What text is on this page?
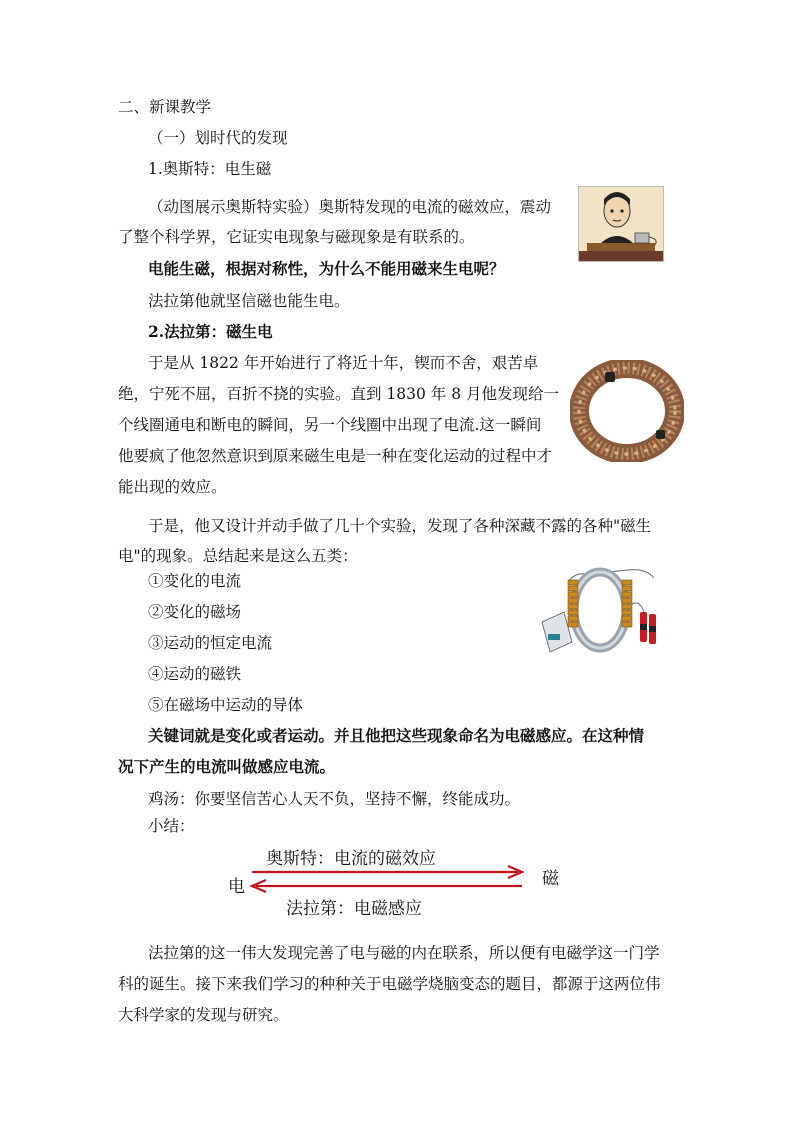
二、新课教学
（一）划时代的发现
1.奥斯特：电生磁
（动图展示奥斯特实验）奥斯特发现的电流的磁效应，震动
了整个科学界，它证实电现象与磁现象是有联系的。
电能生磁，根据对称性，为什么不能用磁来生电呢？
法拉第他就坚信磁也能生电。
2.法拉第：磁生电
于是从 1822 年开始进行了将近十年，锲而不舍，艰苦卓
绝，宁死不屈，百折不挠的实验。直到 1830 年 8 月他发现给一
个线圈通电和断电的瞬间，另一个线圈中出现了电流.这一瞬间
他要疯了他忽然意识到原来磁生电是一种在变化运动的过程中才
能出现的效应。
于是，他又设计并动手做了几十个实验，发现了各种深藏不露的各种"磁生
电"的现象。总结起来是这么五类：
①变化的电流
②变化的磁场
③运动的恒定电流
④运动的磁铁
⑤在磁场中运动的导体
关键词就是变化或者运动。并且他把这些现象命名为电磁感应。在这种情
况下产生的电流叫做感应电流。
鸡汤：你要坚信苦心人天不负，坚持不懈，终能成功。
小结：
奥斯特：电流的磁效应
电	磁
法拉第：电磁感应
法拉第的这一伟大发现完善了电与磁的内在联系，所以便有电磁学这一门学
科的诞生。接下来我们学习的种种关于电磁学烧脑变态的题目，都源于这两位伟
大科学家的发现与研究。
